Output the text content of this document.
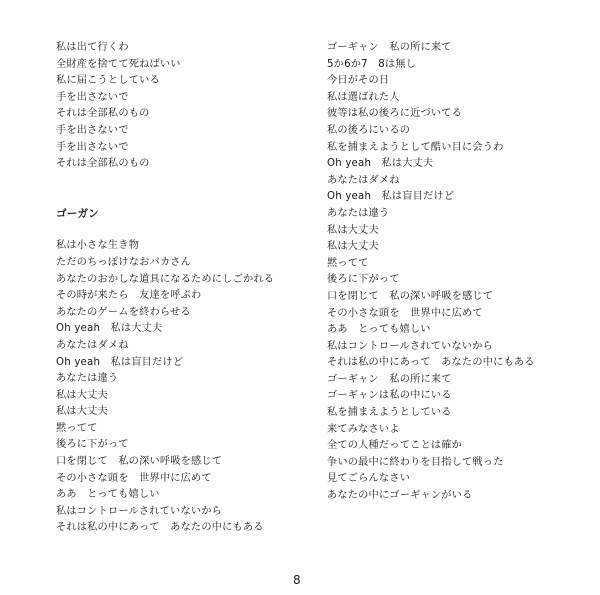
私は出て行くわ
全財産を捨てて死ねばいい
私に届こうとしている
手を出さないで
それは全部私のもの
手を出さないで
手を出さないで
それは全部私のもの
ゴーガン
私は小さな生き物
ただのちっぽけなおバカさん
あなたのおかしな道具になるためにしごかれる
その時が来たら　友達を呼ぶわ
あなたのゲームを終わらせる
Oh yeah　私は大丈夫
あなたはダメね
Oh yeah　私は盲目だけど
あなたは違う
私は大丈夫
私は大丈夫
黙ってて
後ろに下がって
口を閉じて　私の深い呼吸を感じて
その小さな頭を　世界中に広めて
ああ　とっても嬉しい
私はコントロールされていないから
それは私の中にあって　あなたの中にもある
ゴーギャン　私の所に来て
5か6か7　8は無し
今日がその日
私は選ばれた人
彼等は私の後ろに近づいてる
私の後ろにいるの
私を捕まえようとして酷い目に会うわ
Oh yeah　私は大丈夫
あなたはダメね
Oh yeah　私は盲目だけど
あなたは違う
私は大丈夫
私は大丈夫
黙ってて
後ろに下がって
口を閉じて　私の深い呼吸を感じて
その小さな頭を　世界中に広めて
ああ　とっても嬉しい
私はコントロールされていないから
それは私の中にあって　あなたの中にもある
ゴーギャン　私の所に来て
ゴーギャンは私の中にいる
私を捕まえようとしている
来てみなさいよ
全ての人種だってことは確か
争いの最中に終わりを目指して戦った
見てごらんなさい
あなたの中にゴーギャンがいる
8
